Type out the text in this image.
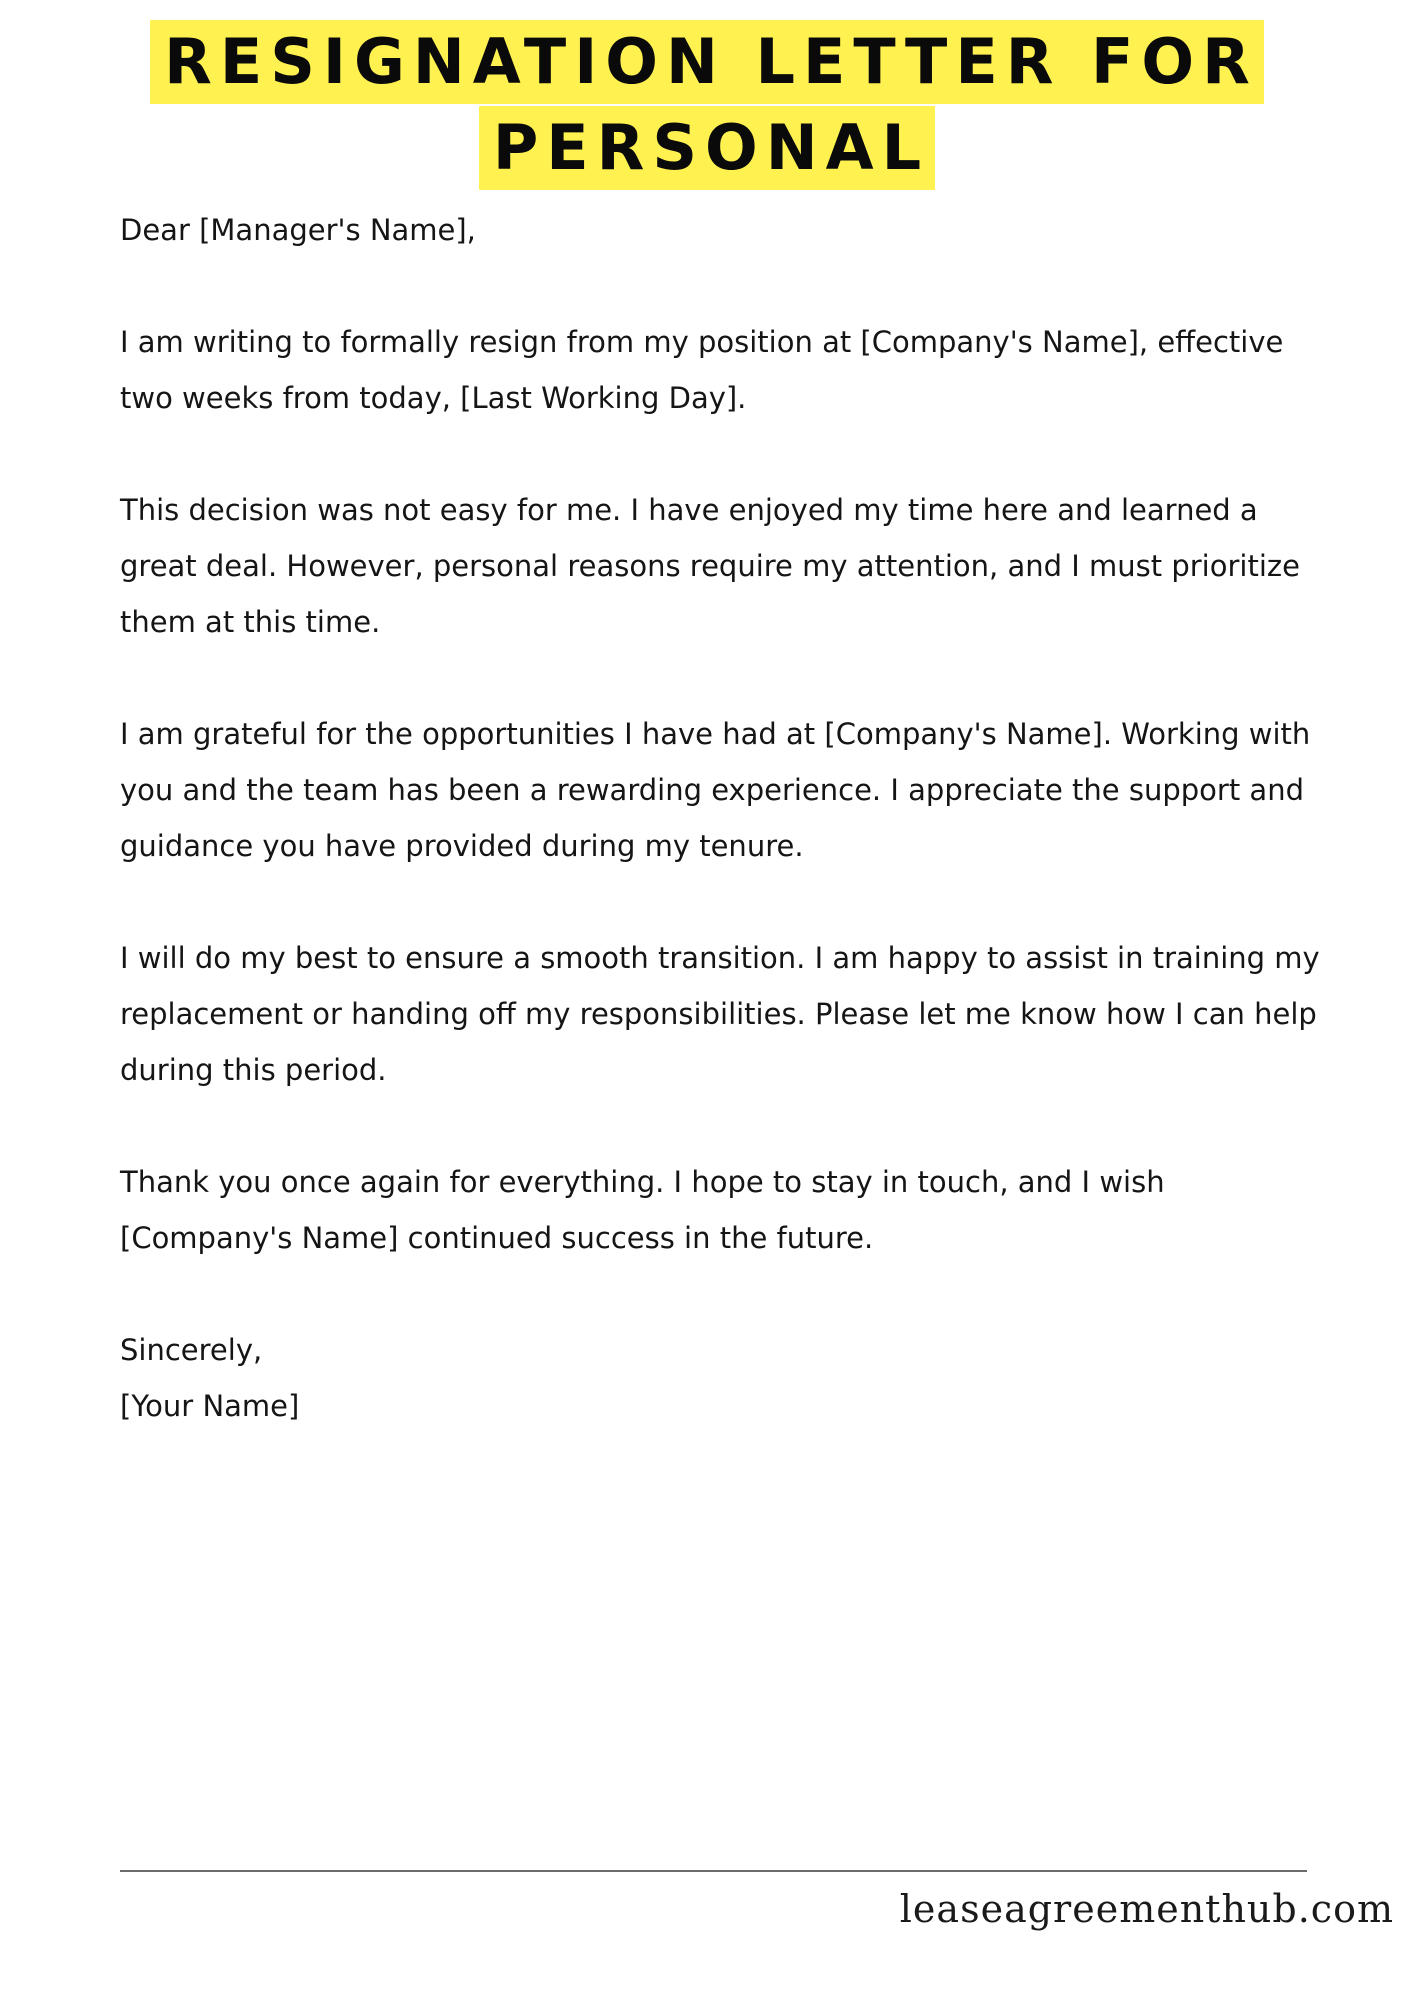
RESIGNATION LETTER FOR
PERSONAL

Dear [Manager's Name],

I am writing to formally resign from my position at [Company's Name], effective two weeks from today, [Last Working Day].

This decision was not easy for me. I have enjoyed my time here and learned a great deal. However, personal reasons require my attention, and I must prioritize them at this time.

I am grateful for the opportunities I have had at [Company's Name]. Working with you and the team has been a rewarding experience. I appreciate the support and guidance you have provided during my tenure.

I will do my best to ensure a smooth transition. I am happy to assist in training my replacement or handing off my responsibilities. Please let me know how I can help during this period.

Thank you once again for everything. I hope to stay in touch, and I wish [Company's Name] continued success in the future.

Sincerely,

[Your Name]

leaseagreementhub.com
